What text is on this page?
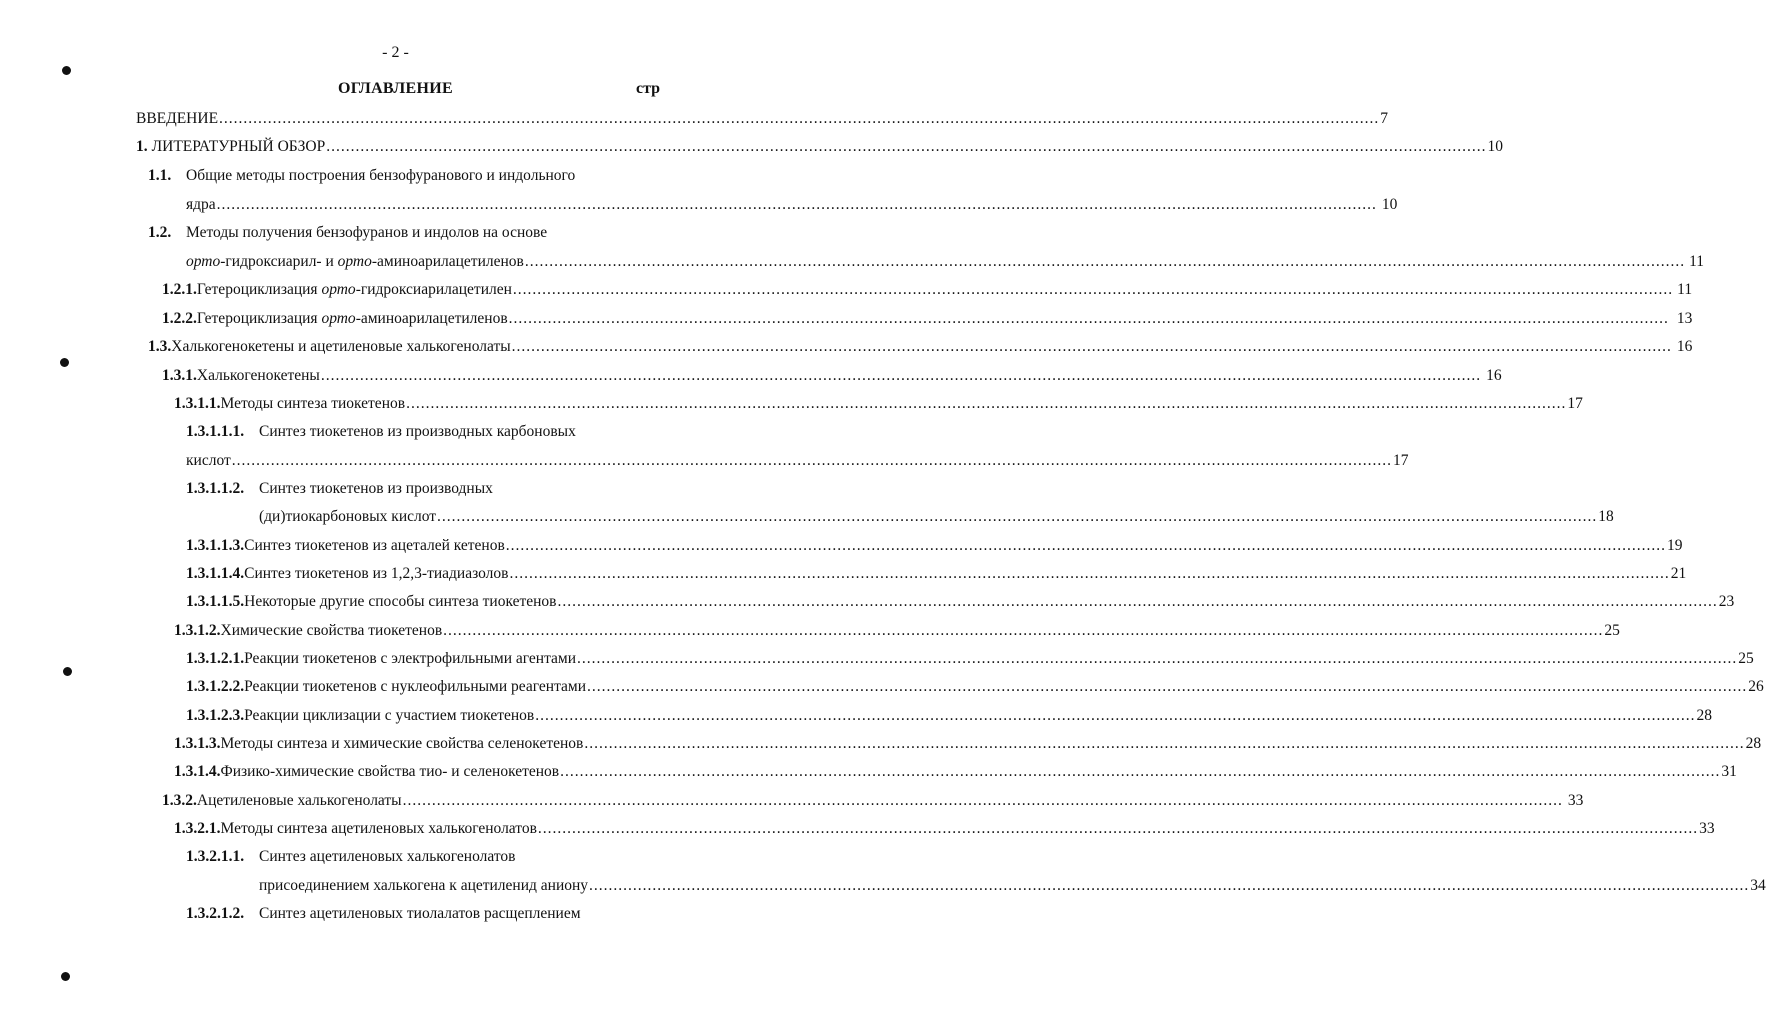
- 2 -
ОГЛАВЛЕНИЕ	стр
ВВЕДЕНИЕ .............................................................................................................................................................................................................................................. 7
1. ЛИТЕРАТУРНЫЙ ОБЗОР .............................................................................................................................................................................................................................................. 10
1.1. Общие методы построения бензофуранового и индольного
ядра .............................................................................................................................................................................................................................................. 10
1.2. Методы получения бензофуранов и индолов на основе
орто-гидроксиарил- и орто-аминоарилацетиленов .............................................................................................................................................................................................................................................. 11
1.2.1. Гетероциклизация орто-гидроксиарилацетилен .............................................................................................................................................................................................................................................. 11
1.2.2. Гетероциклизация орто-аминоарилацетиленов .............................................................................................................................................................................................................................................. 13
1.3. Халькогенокетены и ацетиленовые халькогенолаты .............................................................................................................................................................................................................................................. 16
1.3.1. Халькогенокетены .............................................................................................................................................................................................................................................. 16
1.3.1.1. Методы синтеза тиокетенов .............................................................................................................................................................................................................................................. 17
1.3.1.1.1. Синтез тиокетенов из производных карбоновых
кислот .............................................................................................................................................................................................................................................. 17
1.3.1.1.2. Синтез тиокетенов из производных
(ди)тиокарбоновых кислот .............................................................................................................................................................................................................................................. 18
1.3.1.1.3. Синтез тиокетенов из ацеталей кетенов .............................................................................................................................................................................................................................................. 19
1.3.1.1.4. Синтез тиокетенов из 1,2,3-тиадиазолов .............................................................................................................................................................................................................................................. 21
1.3.1.1.5. Некоторые другие способы синтеза тиокетенов .............................................................................................................................................................................................................................................. 23
1.3.1.2. Химические свойства тиокетенов .............................................................................................................................................................................................................................................. 25
1.3.1.2.1. Реакции тиокетенов с электрофильными агентами .............................................................................................................................................................................................................................................. 25
1.3.1.2.2. Реакции тиокетенов с нуклеофильными реагентами .............................................................................................................................................................................................................................................. 26
1.3.1.2.3. Реакции циклизации с участием тиокетенов .............................................................................................................................................................................................................................................. 28
1.3.1.3. Методы синтеза и химические свойства селенокетенов .............................................................................................................................................................................................................................................. 28
1.3.1.4. Физико-химические свойства тио- и селенокетенов .............................................................................................................................................................................................................................................. 31
1.3.2. Ацетиленовые халькогенолаты .............................................................................................................................................................................................................................................. 33
1.3.2.1. Методы синтеза ацетиленовых халькогенолатов .............................................................................................................................................................................................................................................. 33
1.3.2.1.1. Синтез ацетиленовых халькогенолатов
присоединением халькогена к ацетиленид аниону .............................................................................................................................................................................................................................................. 34
1.3.2.1.2. Синтез ацетиленовых тиолалатов расщеплением
